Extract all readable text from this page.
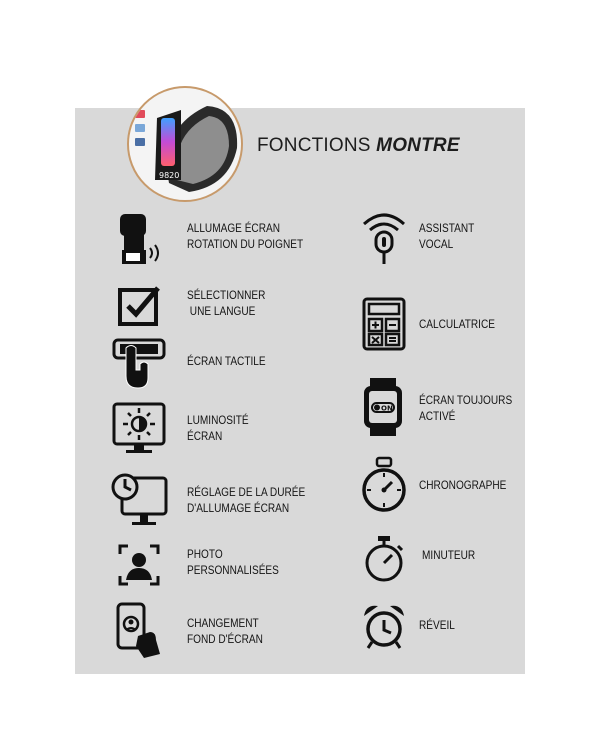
9820
FONCTIONS MONTRE
ALLUMAGE ÉCRAN
ROTATION DU POIGNET
SÉLECTIONNER
UNE LANGUE
ÉCRAN TACTILE
LUMINOSITÉ
ÉCRAN
RÉGLAGE DE LA DURÉE
D'ALLUMAGE ÉCRAN
PHOTO
PERSONNALISÉES
CHANGEMENT
FOND D'ÉCRAN
ASSISTANT
VOCAL
CALCULATRICE
ON
ÉCRAN TOUJOURS
ACTIVÉ
CHRONOGRAPHE
MINUTEUR
RÉVEIL
